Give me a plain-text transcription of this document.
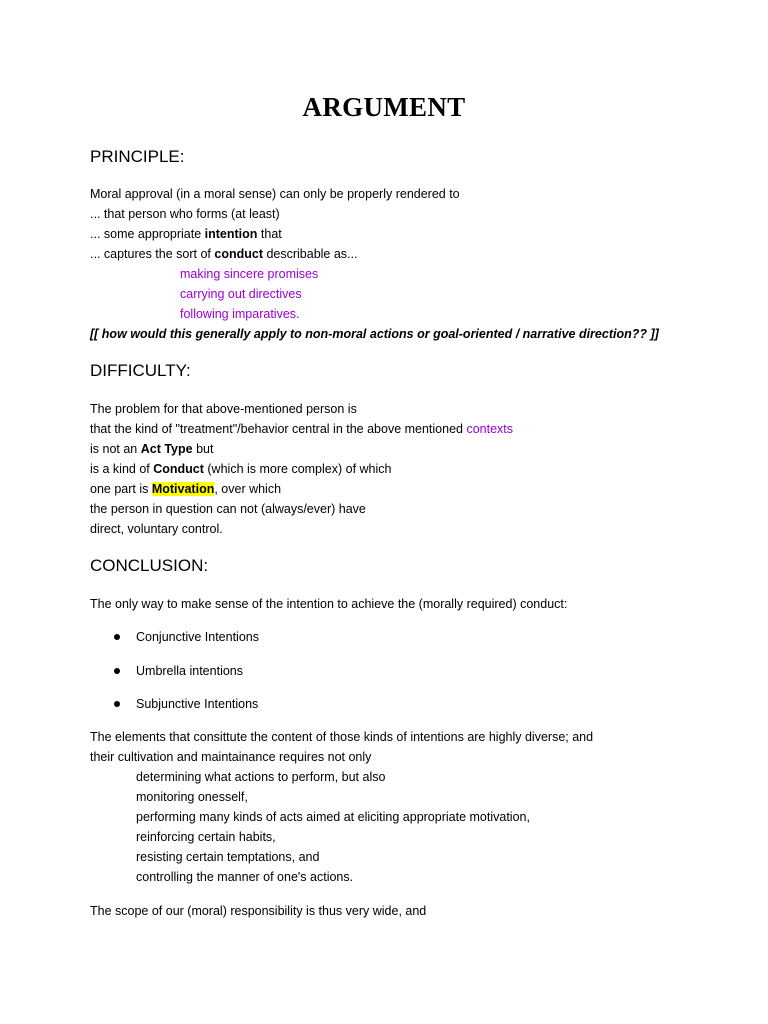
ARGUMENT
PRINCIPLE:
Moral approval (in a moral sense) can only be properly rendered to
... that person who forms (at least)
... some appropriate intention that
... captures the sort of conduct describable as...
making sincere promises
carrying out directives
following imparatives.
[[ how would this generally apply to non-moral actions or goal-oriented / narrative direction?? ]]
DIFFICULTY:
The problem for that above-mentioned person is
that the kind of "treatment"/behavior central in the above mentioned contexts
is not an Act Type but
is a kind of Conduct (which is more complex) of which
one part is Motivation, over which
the person in question can not (always/ever) have
direct, voluntary control.
CONCLUSION:
The only way to make sense of the intention to achieve the (morally required) conduct:
Conjunctive Intentions
Umbrella intentions
Subjunctive Intentions
The elements that consittute the content of those kinds of intentions are highly diverse; and
their cultivation and maintainance requires not only
determining what actions to perform, but also
monitoring onesself,
performing many kinds of acts aimed at eliciting appropriate motivation,
reinforcing certain habits,
resisting certain temptations, and
controlling the manner of one's actions.
The scope of our (moral) responsibility is thus very wide, and
